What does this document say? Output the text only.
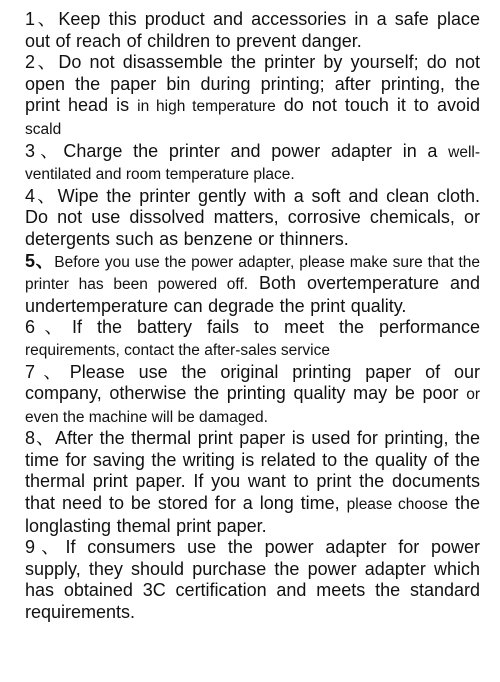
1、Keep this product and accessories in a safe place out of reach of children to prevent danger.

2、Do not disassemble the printer by yourself; do not open the paper bin during printing; after printing, the print head is in high temperature do not touch it to avoid scald

3、Charge the printer and power adapter in a well-ventilated and room temperature place.

4、Wipe the printer gently with a soft and clean cloth. Do not use dissolved matters, corrosive chemicals, or detergents such as benzene or thinners.

5、Before you use the power adapter, please make sure that the printer has been powered off. Both overtemperature and undertemperature can degrade the print quality.

6、If the battery fails to meet the performance requirements, contact the after-sales service

7、Please use the original printing paper of our company, otherwise the printing quality may be poor or even the machine will be damaged.

8、After the thermal print paper is used for printing, the time for saving the writing is related to the quality of the thermal print paper. If you want to print the documents that need to be stored for a long time, please choose the longlasting themal print paper.

9、If consumers use the power adapter for power supply, they should purchase the power adapter which has obtained 3C certification and meets the standard requirements.
